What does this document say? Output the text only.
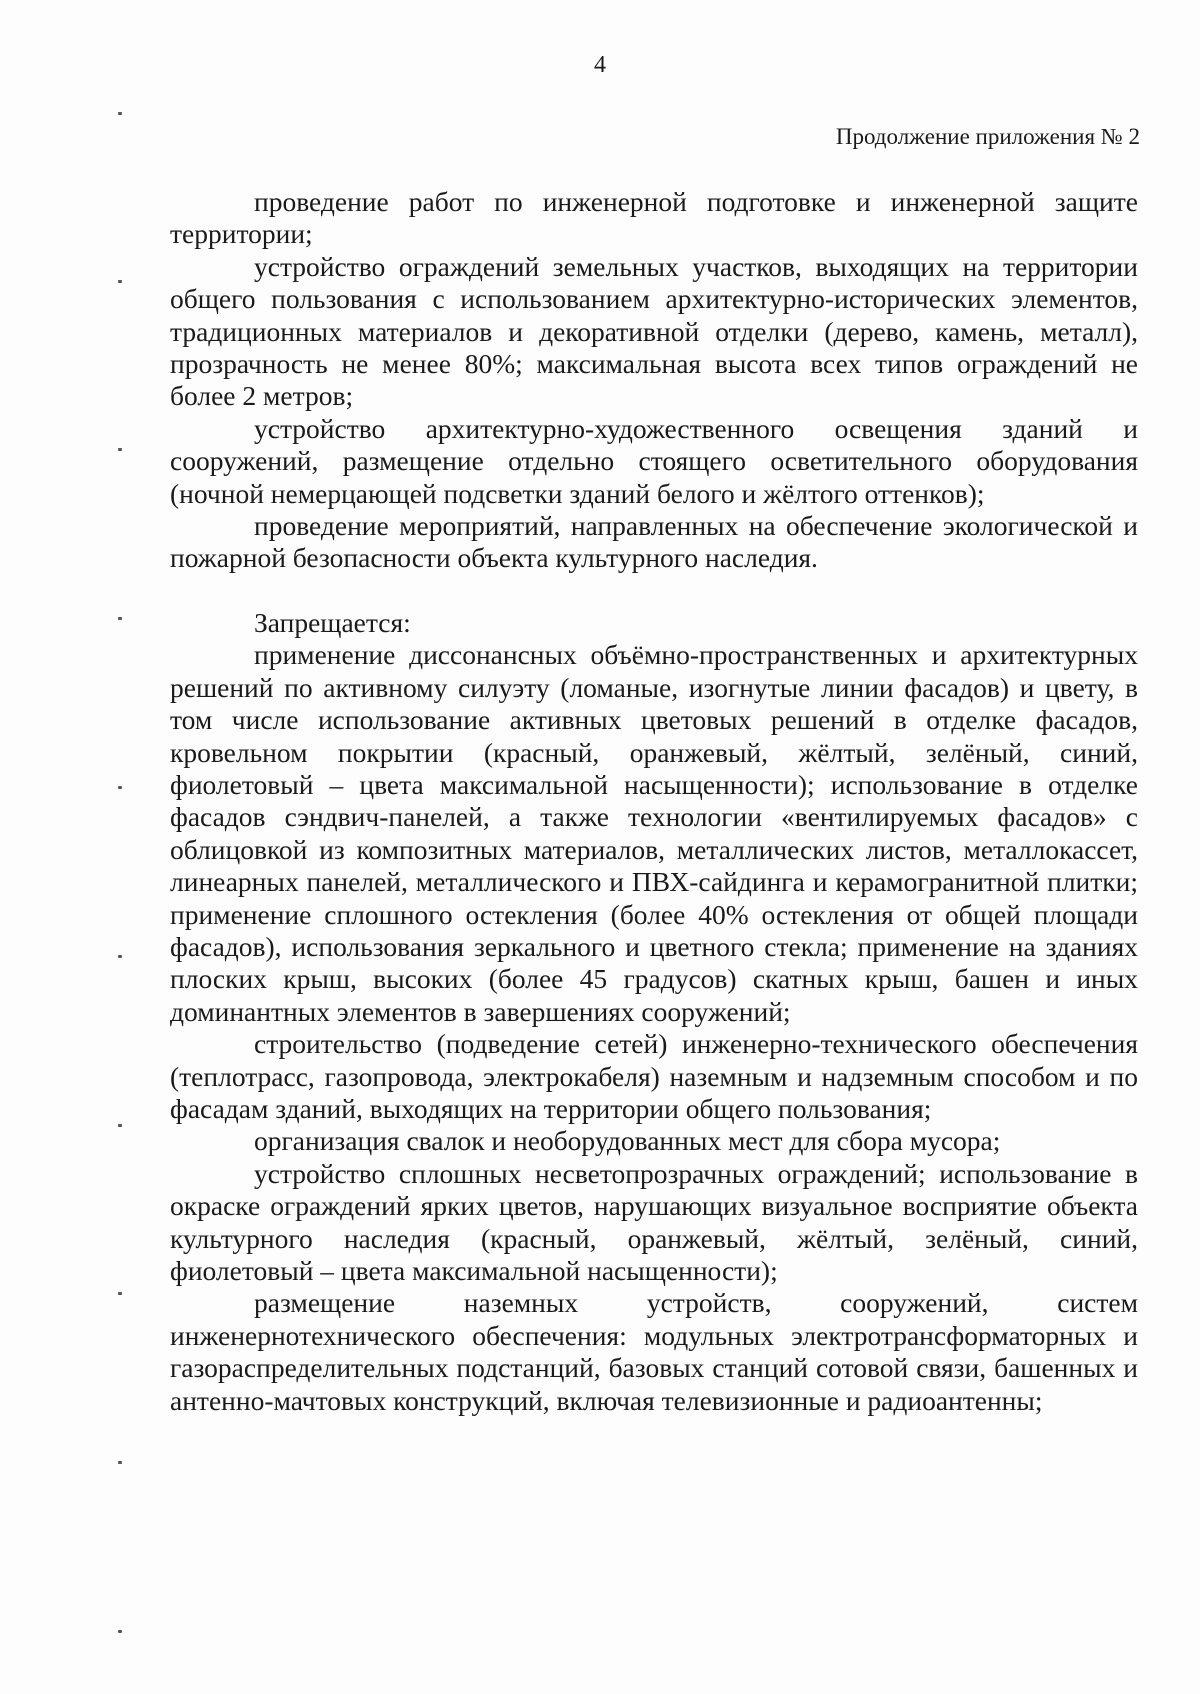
4
Продолжение приложения № 2

проведение работ по инженерной подготовке и инженерной защите территории;

устройство ограждений земельных участков, выходящих на территории общего пользования с использованием архитектурно-исторических элементов, традиционных материалов и декоративной отделки (дерево, камень, металл), прозрачность не менее 80%; максимальная высота всех типов ограждений не более 2 метров;

устройство архитектурно-художественного освещения зданий и сооружений, размещение отдельно стоящего осветительного оборудования (ночной немерцающей подсветки зданий белого и жёлтого оттенков);

проведение мероприятий, направленных на обеспечение экологической и пожарной безопасности объекта культурного наследия.

Запрещается:

применение диссонансных объёмно-пространственных и архитектурных решений по активному силуэту (ломаные, изогнутые линии фасадов) и цвету, в том числе использование активных цветовых решений в отделке фасадов, кровельном покрытии (красный, оранжевый, жёлтый, зелёный, синий, фиолетовый – цвета максимальной насыщенности); использование в отделке фасадов сэндвич-панелей, а также технологии «вентилируемых фасадов» с облицовкой из композитных материалов, металлических листов, металлокассет, линеарных панелей, металлического и ПВХ-сайдинга и керамогранитной плитки; применение сплошного остекления (более 40% остекления от общей площади фасадов), использования зеркального и цветного стекла; применение на зданиях плоских крыш, высоких (более 45 градусов) скатных крыш, башен и иных доминантных элементов в завершениях сооружений;

строительство (подведение сетей) инженерно-технического обеспечения (теплотрасс, газопровода, электрокабеля) наземным и надземным способом и по фасадам зданий, выходящих на территории общего пользования;

организация свалок и необорудованных мест для сбора мусора;

устройство сплошных несветопрозрачных ограждений; использование в окраске ограждений ярких цветов, нарушающих визуальное восприятие объекта культурного наследия (красный, оранжевый, жёлтый, зелёный, синий, фиолетовый – цвета максимальной насыщенности);

размещение наземных устройств, сооружений, систем инженернотехнического обеспечения: модульных электротрансформаторных и газораспределительных подстанций, базовых станций сотовой связи, башенных и антенно-мачтовых конструкций, включая телевизионные и радиоантенны;
